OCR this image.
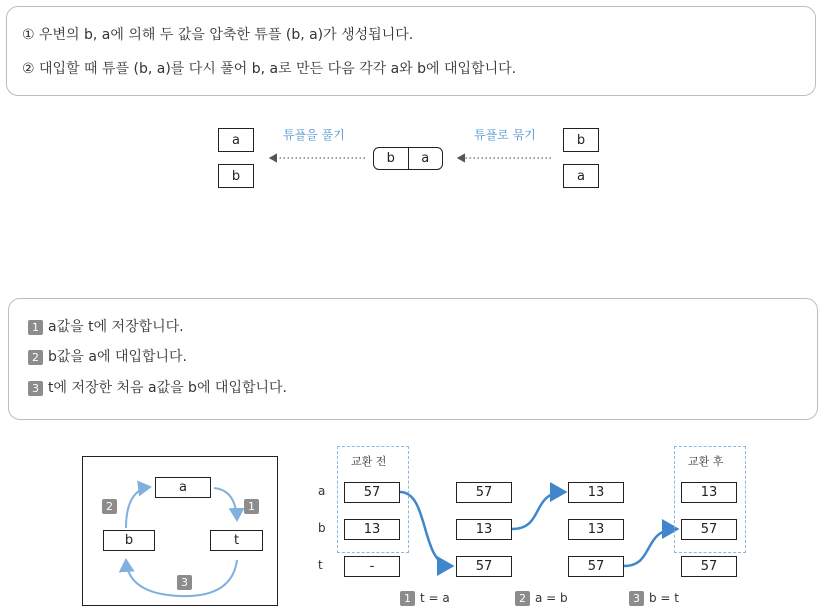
① 우변의 b, a에 의해 두 값을 압축한 튜플 (b, a)가 생성됩니다.
② 대입할 때 튜플 (b, a)를 다시 풀어 b, a로 만든 다음 각각 a와 b에 대입합니다.
a
b
튜플을 풀기	튜플로 묶기
b	a
b
a
1 a값을 t에 저장합니다.
2 b값을 a에 대입합니다.
3 t에 저장한 처음 a값을 b에 대입합니다.
a
b	t
1
2
3
교환 전	교환 후
a
b
t
57
13
-
57
13
57
13
13
57
13
57
57
1 t = a	2 a = b	3 b = t
